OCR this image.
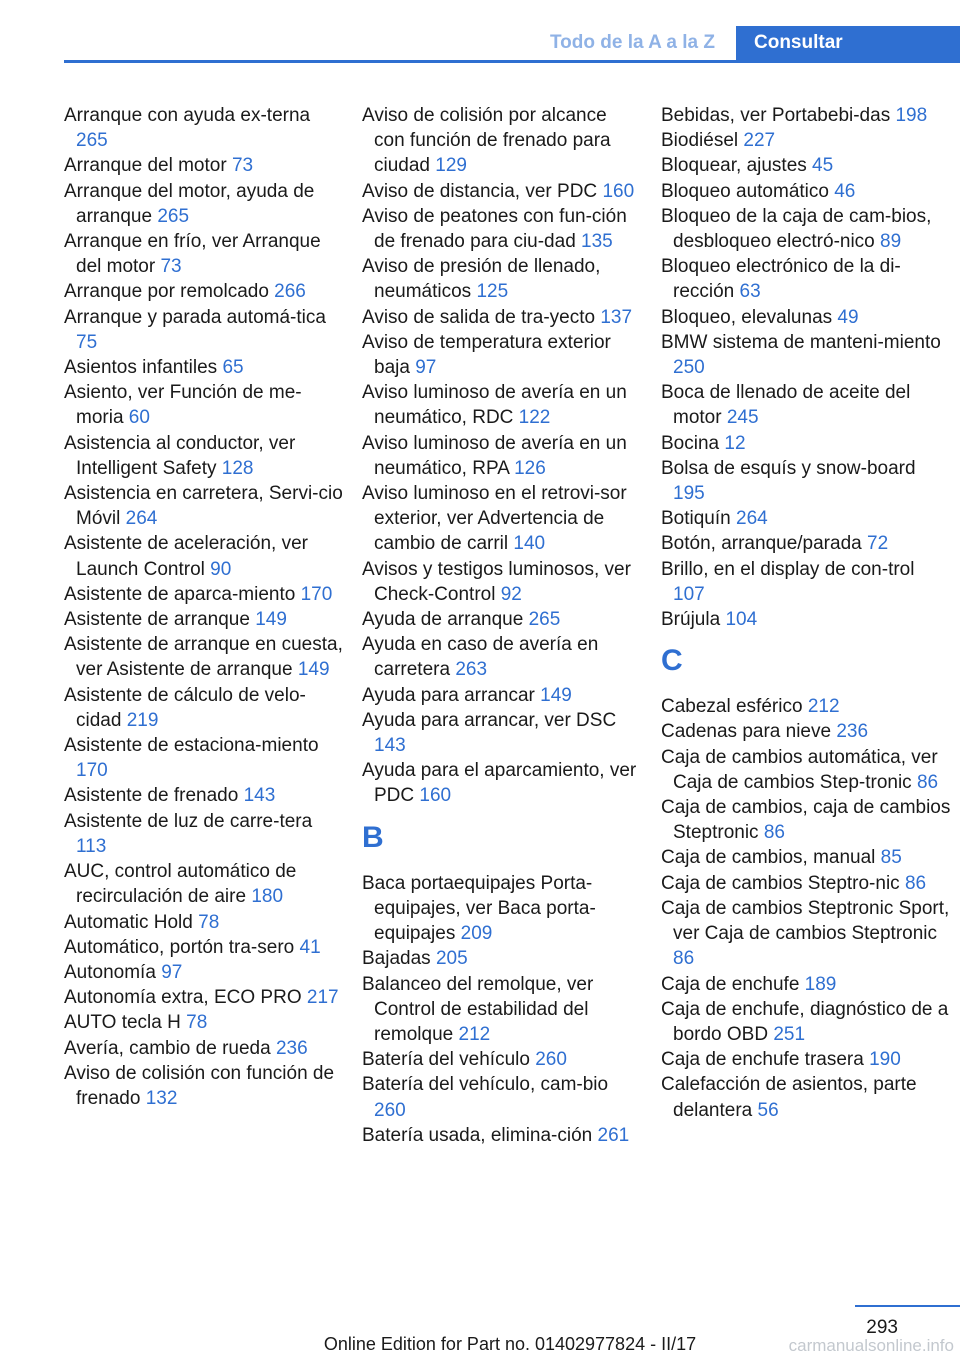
Todo de la A a la Z	Consultar

Arranque con ayuda ex-terna 265

Arranque del motor 73

Arranque del motor, ayuda de arranque 265

Arranque en frío, ver Arranque del motor 73

Arranque por remolcado 266

Arranque y parada automá-tica 75

Asientos infantiles 65

Asiento, ver Función de me-moria 60

Asistencia al conductor, ver Intelligent Safety 128

Asistencia en carretera, Servi-cio Móvil 264

Asistente de aceleración, ver Launch Control 90

Asistente de aparca-miento 170

Asistente de arranque 149

Asistente de arranque en cuesta, ver Asistente de arranque 149

Asistente de cálculo de velo-cidad 219

Asistente de estaciona-miento 170

Asistente de frenado 143

Asistente de luz de carre-tera 113

AUC, control automático de recirculación de aire 180

Automatic Hold 78

Automático, portón tra-sero 41

Autonomía 97

Autonomía extra, ECO PRO 217

AUTO tecla H 78

Avería, cambio de rueda 236

Aviso de colisión con función de frenado 132

Aviso de colisión por alcance con función de frenado para ciudad 129

Aviso de distancia, ver PDC 160

Aviso de peatones con fun-ción de frenado para ciu-dad 135

Aviso de presión de llenado, neumáticos 125

Aviso de salida de tra-yecto 137

Aviso de temperatura exterior baja 97

Aviso luminoso de avería en un neumático, RDC 122

Aviso luminoso de avería en un neumático, RPA 126

Aviso luminoso en el retrovi-sor exterior, ver Advertencia de cambio de carril 140

Avisos y testigos luminosos, ver Check-Control 92

Ayuda de arranque 265

Ayuda en caso de avería en carretera 263

Ayuda para arrancar 149

Ayuda para arrancar, ver DSC 143

Ayuda para el aparcamiento, ver PDC 160

B

Baca portaequipajes Porta-equipajes, ver Baca porta-equipajes 209

Bajadas 205

Balanceo del remolque, ver Control de estabilidad del remolque 212

Batería del vehículo 260

Batería del vehículo, cam-bio 260

Batería usada, elimina-ción 261

Bebidas, ver Portabebi-das 198

Biodiésel 227

Bloquear, ajustes 45

Bloqueo automático 46

Bloqueo de la caja de cam-bios, desbloqueo electró-nico 89

Bloqueo electrónico de la di-rección 63

Bloqueo, elevalunas 49

BMW sistema de manteni-miento 250

Boca de llenado de aceite del motor 245

Bocina 12

Bolsa de esquís y snow-board 195

Botiquín 264

Botón, arranque/parada 72

Brillo, en el display de con-trol 107

Brújula 104

C

Cabezal esférico 212

Cadenas para nieve 236

Caja de cambios automática, ver Caja de cambios Step-tronic 86

Caja de cambios, caja de cambios Steptronic 86

Caja de cambios, manual 85

Caja de cambios Steptro-nic 86

Caja de cambios Steptronic Sport, ver Caja de cambios Steptronic 86

Caja de enchufe 189

Caja de enchufe, diagnóstico de a bordo OBD 251

Caja de enchufe trasera 190

Calefacción de asientos, parte delantera 56

293
Online Edition for Part no. 01402977824 - II/17	carmanualsonline.info
